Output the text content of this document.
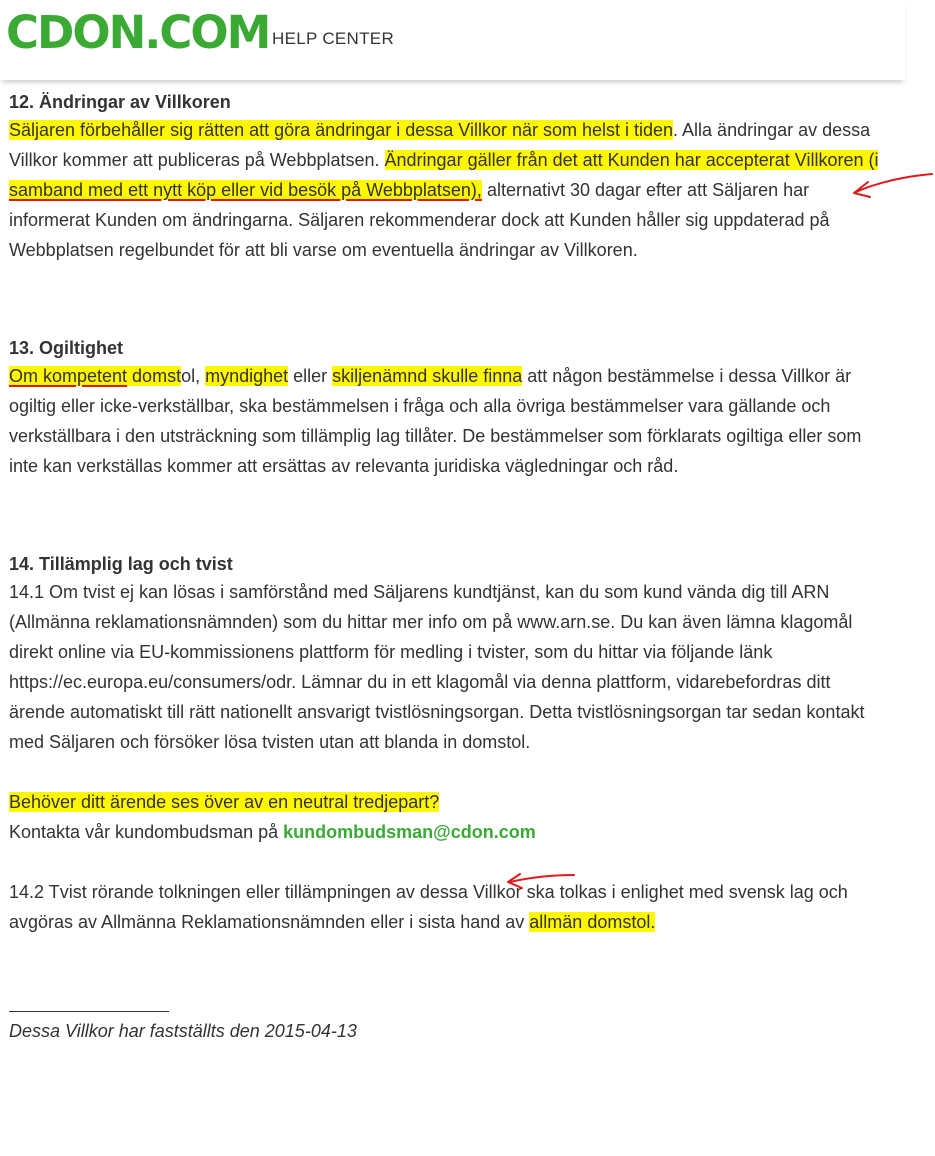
CDON.COM HELP CENTER
12. Ändringar av Villkoren

Säljaren förbehåller sig rätten att göra ändringar i dessa Villkor när som helst i tiden. Alla ändringar av dessa Villkor kommer att publiceras på Webbplatsen. Ändringar gäller från det att Kunden har accepterat Villkoren (i samband med ett nytt köp eller vid besök på Webbplatsen), alternativt 30 dagar efter att Säljaren har informerat Kunden om ändringarna. Säljaren rekommenderar dock att Kunden håller sig uppdaterad på Webbplatsen regelbundet för att bli varse om eventuella ändringar av Villkoren.

13. Ogiltighet

Om kompetent domstol, myndighet eller skiljenämnd skulle finna att någon bestämmelse i dessa Villkor är ogiltig eller icke-verkställbar, ska bestämmelsen i fråga och alla övriga bestämmelser vara gällande och verkställbara i den utsträckning som tillämplig lag tillåter. De bestämmelser som förklarats ogiltiga eller som inte kan verkställas kommer att ersättas av relevanta juridiska vägledningar och råd.

14. Tillämplig lag och tvist

14.1 Om tvist ej kan lösas i samförstånd med Säljarens kundtjänst, kan du som kund vända dig till ARN (Allmänna reklamationsnämnden) som du hittar mer info om på www.arn.se. Du kan även lämna klagomål direkt online via EU-kommissionens plattform för medling i tvister, som du hittar via följande länk https://ec.europa.eu/consumers/odr. Lämnar du in ett klagomål via denna plattform, vidarebefordras ditt ärende automatiskt till rätt nationellt ansvarigt tvistlösningsorgan. Detta tvistlösningsorgan tar sedan kontakt med Säljaren och försöker lösa tvisten utan att blanda in domstol.

Behöver ditt ärende ses över av en neutral tredjepart?

Kontakta vår kundombudsman på kundombudsman@cdon.com

14.2 Tvist rörande tolkningen eller tillämpningen av dessa Villkor ska tolkas i enlighet med svensk lag och avgöras av Allmänna Reklamationsnämnden eller i sista hand av allmän domstol.

Dessa Villkor har fastställts den 2015-04-13
